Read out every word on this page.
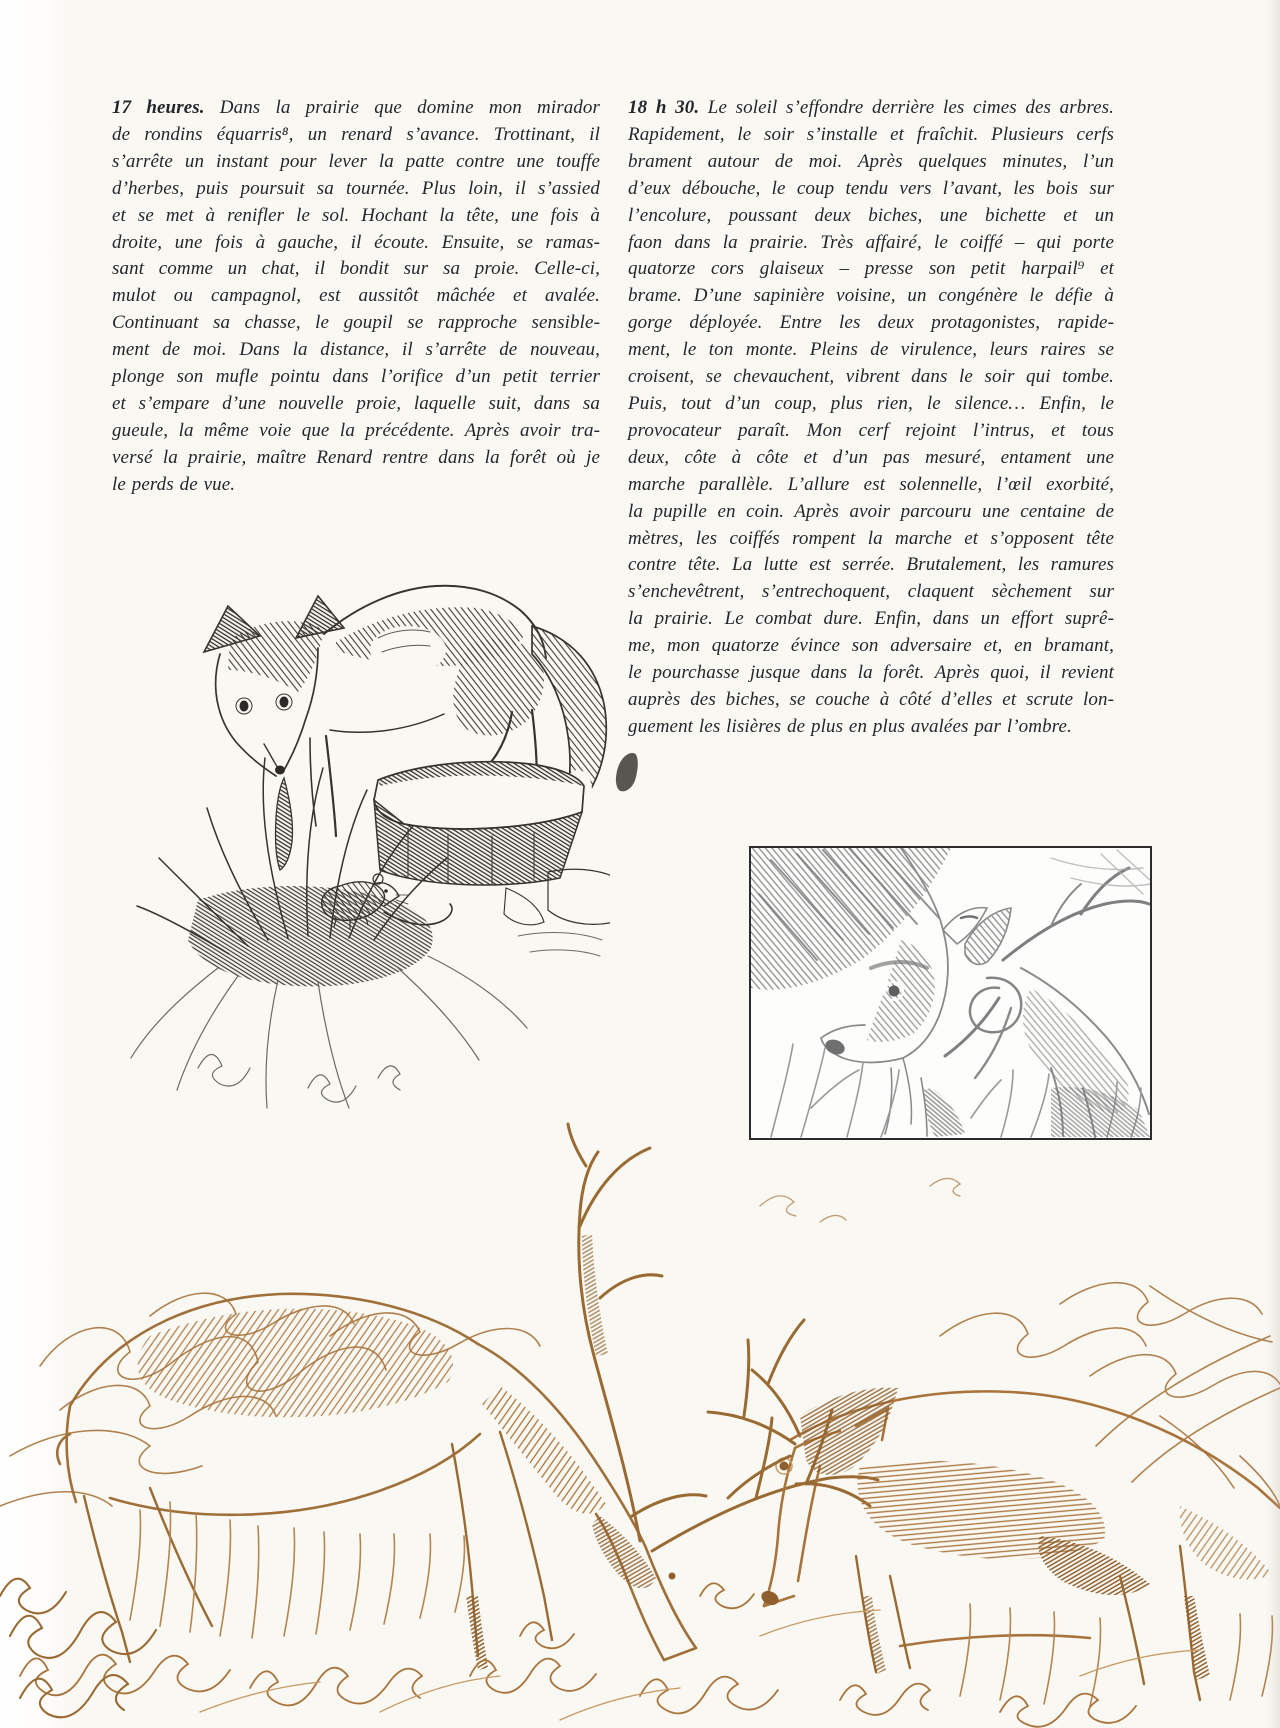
17 heures. Dans la prairie que domine mon mirador
de rondins équarris⁸, un renard s’avance. Trottinant, il
s’arrête un instant pour lever la patte contre une touffe
d’herbes, puis poursuit sa tournée. Plus loin, il s’assied
et se met à renifler le sol. Hochant la tête, une fois à
droite, une fois à gauche, il écoute. Ensuite, se ramas-
sant comme un chat, il bondit sur sa proie. Celle-ci,
mulot ou campagnol, est aussitôt mâchée et avalée.
Continuant sa chasse, le goupil se rapproche sensible-
ment de moi. Dans la distance, il s’arrête de nouveau,
plonge son mufle pointu dans l’orifice d’un petit terrier
et s’empare d’une nouvelle proie, laquelle suit, dans sa
gueule, la même voie que la précédente. Après avoir tra-
versé la prairie, maître Renard rentre dans la forêt où je
le perds de vue.
18 h 30. Le soleil s’effondre derrière les cimes des arbres.
Rapidement, le soir s’installe et fraîchit. Plusieurs cerfs
brament autour de moi. Après quelques minutes, l’un
d’eux débouche, le coup tendu vers l’avant, les bois sur
l’encolure, poussant deux biches, une bichette et un
faon dans la prairie. Très affairé, le coiffé – qui porte
quatorze cors glaiseux – presse son petit harpail⁹ et
brame. D’une sapinière voisine, un congénère le défie à
gorge déployée. Entre les deux protagonistes, rapide-
ment, le ton monte. Pleins de virulence, leurs raires se
croisent, se chevauchent, vibrent dans le soir qui tombe.
Puis, tout d’un coup, plus rien, le silence… Enfin, le
provocateur paraît. Mon cerf rejoint l’intrus, et tous
deux, côte à côte et d’un pas mesuré, entament une
marche parallèle. L’allure est solennelle, l’œil exorbité,
la pupille en coin. Après avoir parcouru une centaine de
mètres, les coiffés rompent la marche et s’opposent tête
contre tête. La lutte est serrée. Brutalement, les ramures
s’enchevêtrent, s’entrechoquent, claquent sèchement sur
la prairie. Le combat dure. Enfin, dans un effort suprê-
me, mon quatorze évince son adversaire et, en bramant,
le pourchasse jusque dans la forêt. Après quoi, il revient
auprès des biches, se couche à côté d’elles et scrute lon-
guement les lisières de plus en plus avalées par l’ombre.
